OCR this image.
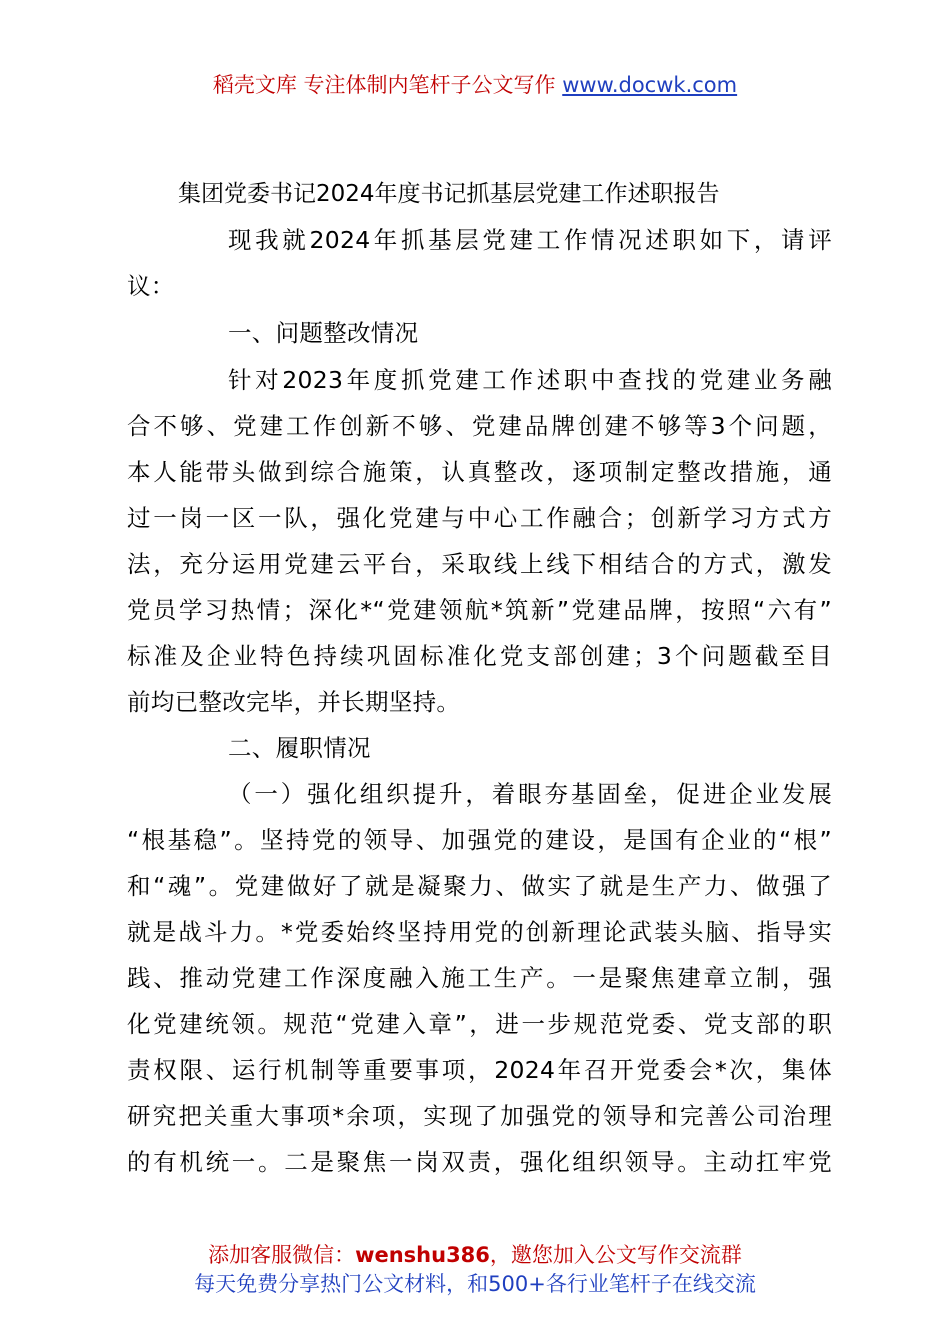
稻壳文库 专注体制内笔杆子公文写作 www.docwk.com
集团党委书记2024年度书记抓基层党建工作述职报告
现我就2024年抓基层党建工作情况述职如下，请评
议：
一、问题整改情况
针对2023年度抓党建工作述职中查找的党建业务融
合不够、党建工作创新不够、党建品牌创建不够等3个问题，
本人能带头做到综合施策，认真整改，逐项制定整改措施，通
过一岗一区一队，强化党建与中心工作融合；创新学习方式方
法，充分运用党建云平台，采取线上线下相结合的方式，激发
党员学习热情；深化*“党建领航*筑新”党建品牌，按照“六有”
标准及企业特色持续巩固标准化党支部创建；3个问题截至目
前均已整改完毕，并长期坚持。
二、履职情况
（一）强化组织提升，着眼夯基固垒，促进企业发展
“根基稳”。坚持党的领导、加强党的建设，是国有企业的“根”
和“魂”。党建做好了就是凝聚力、做实了就是生产力、做强了
就是战斗力。*党委始终坚持用党的创新理论武装头脑、指导实
践、推动党建工作深度融入施工生产。一是聚焦建章立制，强
化党建统领。规范“党建入章”，进一步规范党委、党支部的职
责权限、运行机制等重要事项，2024年召开党委会*次，集体
研究把关重大事项*余项，实现了加强党的领导和完善公司治理
的有机统一。二是聚焦一岗双责，强化组织领导。主动扛牢党
添加客服微信：wenshu386，邀您加入公文写作交流群
每天免费分享热门公文材料，和500+各行业笔杆子在线交流
